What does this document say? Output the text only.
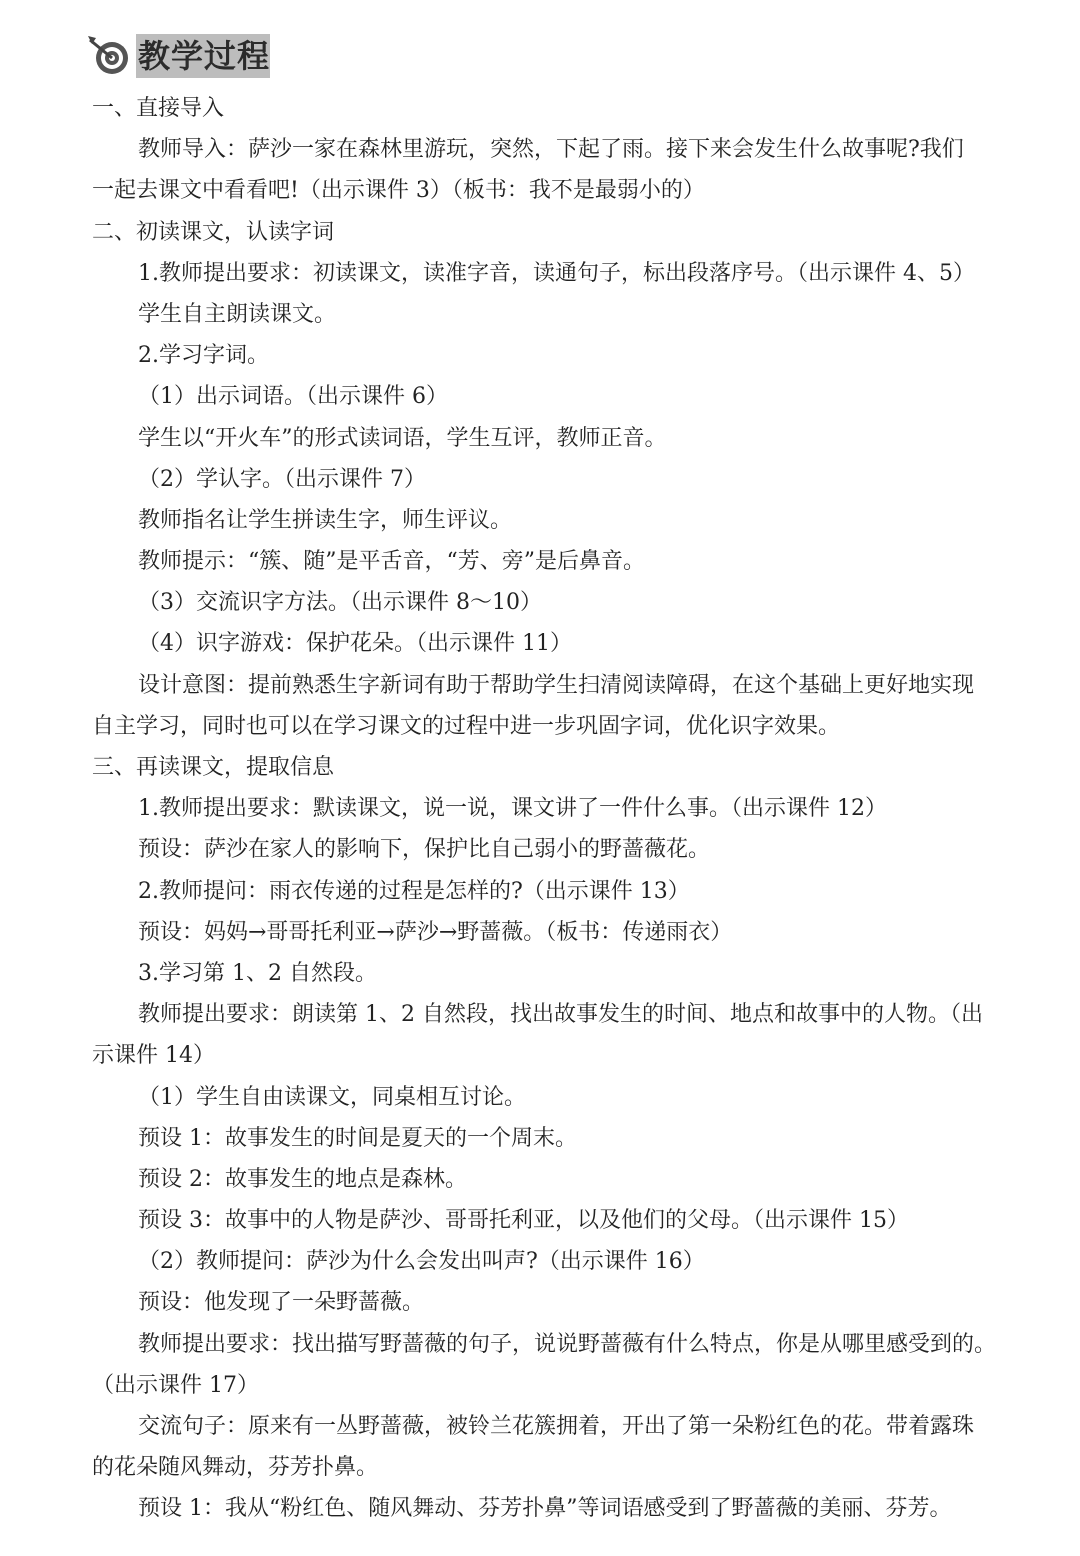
教学过程
一、直接导入
教师导入：萨沙一家在森林里游玩，突然，下起了雨。接下来会发生什么故事呢?我们
一起去课文中看看吧!（出示课件 3）（板书：我不是最弱小的）
二、初读课文，认读字词
1.教师提出要求：初读课文，读准字音，读通句子，标出段落序号。（出示课件 4、5）
学生自主朗读课文。
2.学习字词。
（1）出示词语。（出示课件 6）
学生以“开火车”的形式读词语，学生互评，教师正音。
（2）学认字。（出示课件 7）
教师指名让学生拼读生字，师生评议。
教师提示：“簇、随”是平舌音，“芳、旁”是后鼻音。
（3）交流识字方法。（出示课件 8～10）
（4）识字游戏：保护花朵。（出示课件 11）
设计意图：提前熟悉生字新词有助于帮助学生扫清阅读障碍，在这个基础上更好地实现
自主学习，同时也可以在学习课文的过程中进一步巩固字词，优化识字效果。
三、再读课文，提取信息
1.教师提出要求：默读课文，说一说，课文讲了一件什么事。（出示课件 12）
预设：萨沙在家人的影响下，保护比自己弱小的野蔷薇花。
2.教师提问：雨衣传递的过程是怎样的?（出示课件 13）
预设：妈妈→哥哥托利亚→萨沙→野蔷薇。（板书：传递雨衣）
3.学习第 1、2 自然段。
教师提出要求：朗读第 1、2 自然段，找出故事发生的时间、地点和故事中的人物。（出
示课件 14）
（1）学生自由读课文，同桌相互讨论。
预设 1：故事发生的时间是夏天的一个周末。
预设 2：故事发生的地点是森林。
预设 3：故事中的人物是萨沙、哥哥托利亚，以及他们的父母。（出示课件 15）
（2）教师提问：萨沙为什么会发出叫声?（出示课件 16）
预设：他发现了一朵野蔷薇。
教师提出要求：找出描写野蔷薇的句子，说说野蔷薇有什么特点，你是从哪里感受到的。
（出示课件 17）
交流句子：原来有一丛野蔷薇，被铃兰花簇拥着，开出了第一朵粉红色的花。带着露珠
的花朵随风舞动，芬芳扑鼻。
预设 1：我从“粉红色、随风舞动、芬芳扑鼻”等词语感受到了野蔷薇的美丽、芬芳。
